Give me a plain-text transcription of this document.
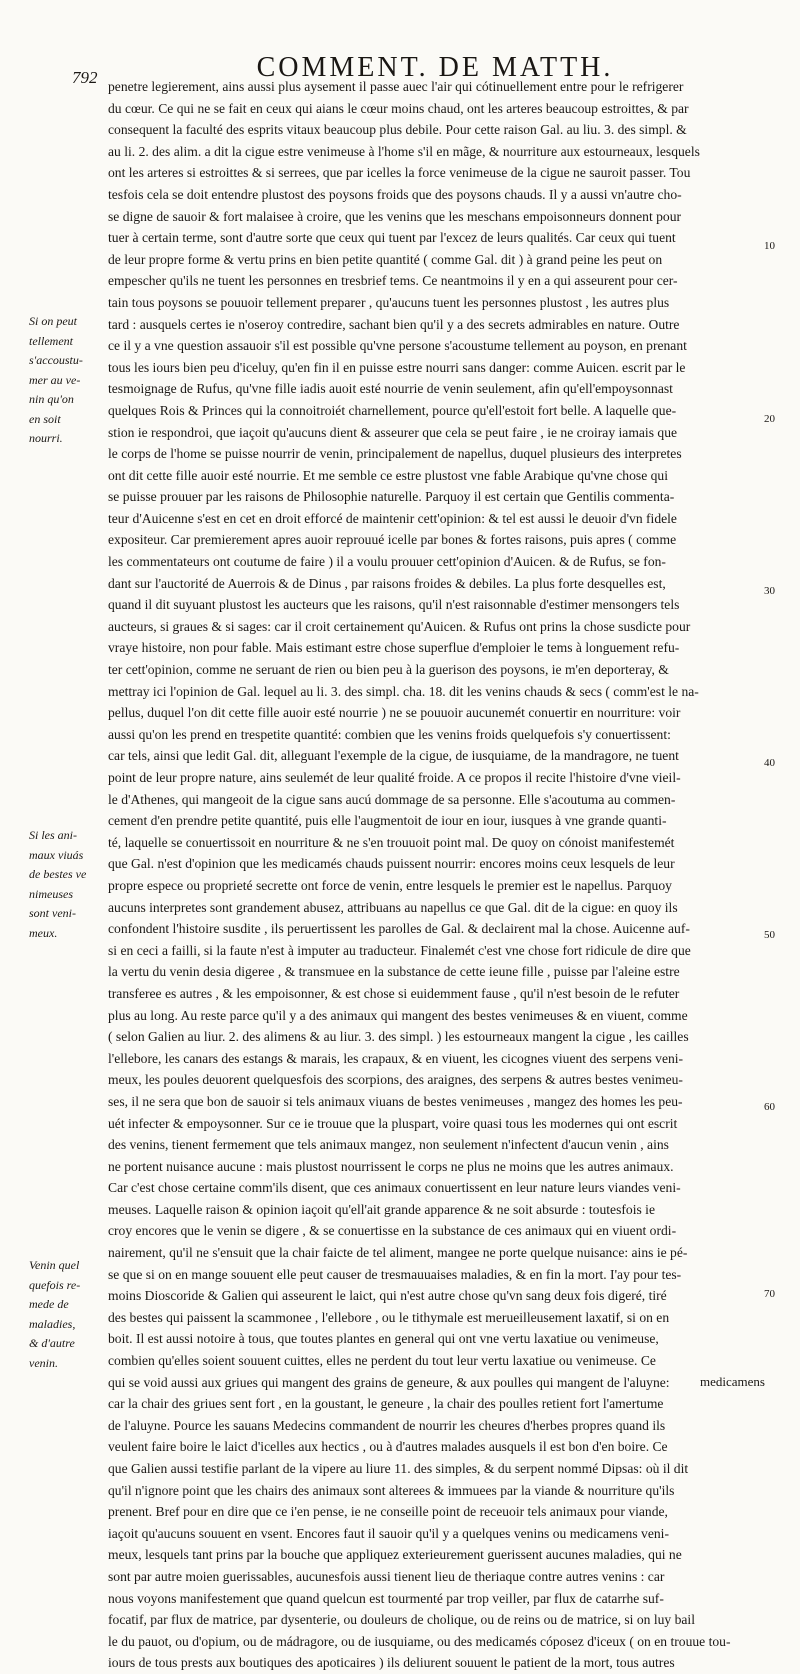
792	COMMENT. DE MATTH.
penetre legierement, ains aussi plus aysement il passe auec l'air qui cótinuellement entre pour le refrigerer
du cœur. Ce qui ne se fait en ceux qui aians le cœur moins chaud, ont les arteres beaucoup estroittes, & par
consequent la faculté des esprits vitaux beaucoup plus debile. Pour cette raison Gal. au liu. 3. des simpl. &
au li. 2. des alim. a dit la cigue estre venimeuse à l'home s'il en mãge, & nourriture aux estourneaux, lesquels
ont les arteres si estroittes & si serrees, que par icelles la force venimeuse de la cigue ne sauroit passer. Tou
tesfois cela se doit entendre plustost des poysons froids que des poysons chauds. Il y a aussi vn'autre cho-
se digne de sauoir & fort malaisee à croire, que les venins que les meschans empoisonneurs donnent pour
tuer à certain terme, sont d'autre sorte que ceux qui tuent par l'excez de leurs qualités. Car ceux qui tuent
de leur propre forme & vertu prins en bien petite quantité ( comme Gal. dit ) à grand peine les peut on
empescher qu'ils ne tuent les personnes en tresbrief tems. Ce neantmoins il y en a qui asseurent pour cer-
tain tous poysons se pouuoir tellement preparer , qu'aucuns tuent les personnes plustost , les autres plus
tard : ausquels certes ie n'oseroy contredire, sachant bien qu'il y a des secrets admirables en nature. Outre
ce il y a vne question assauoir s'il est possible qu'vne persone s'acoustume tellement au poyson, en prenant
tous les iours bien peu d'iceluy, qu'en fin il en puisse estre nourri sans danger: comme Auicen. escrit par le
tesmoignage de Rufus, qu'vne fille iadis auoit esté nourrie de venin seulement, afin qu'ell'empoysonnast
quelques Rois & Princes qui la connoitroiét charnellement, pource qu'ell'estoit fort belle. A laquelle que-
stion ie respondroi, que iaçoit qu'aucuns dient & asseurer que cela se peut faire , ie ne croiray iamais que
le corps de l'home se puisse nourrir de venin, principalement de napellus, duquel plusieurs des interpretes
ont dit cette fille auoir esté nourrie. Et me semble ce estre plustost vne fable Arabique qu'vne chose qui
se puisse prouuer par les raisons de Philosophie naturelle. Parquoy il est certain que Gentilis commenta-
teur d'Auicenne s'est en cet en droit efforcé de maintenir cett'opinion: & tel est aussi le deuoir d'vn fidele
expositeur. Car premierement apres auoir reprouué icelle par bones & fortes raisons, puis apres ( comme
les commentateurs ont coutume de faire ) il a voulu prouuer cett'opinion d'Auicen. & de Rufus, se fon-
dant sur l'auctorité de Auerrois & de Dinus , par raisons froides & debiles. La plus forte desquelles est,
quand il dit suyuant plustost les aucteurs que les raisons, qu'il n'est raisonnable d'estimer mensongers tels
aucteurs, si graues & si sages: car il croit certainement qu'Auicen. & Rufus ont prins la chose susdicte pour
vraye histoire, non pour fable. Mais estimant estre chose superflue d'emploier le tems à longuement refu-
ter cett'opinion, comme ne seruant de rien ou bien peu à la guerison des poysons, ie m'en deporteray, &
mettray ici l'opinion de Gal. lequel au li. 3. des simpl. cha. 18. dit les venins chauds & secs ( comm'est le na-
pellus, duquel l'on dit cette fille auoir esté nourrie ) ne se pouuoir aucunemét conuertir en nourriture: voir
aussi qu'on les prend en trespetite quantité: combien que les venins froids quelquefois s'y conuertissent:
car tels, ainsi que ledit Gal. dit, alleguant l'exemple de la cigue, de iusquiame, de la mandragore, ne tuent
point de leur propre nature, ains seulemét de leur qualité froide. A ce propos il recite l'histoire d'vne vieil-
le d'Athenes, qui mangeoit de la cigue sans aucú dommage de sa personne. Elle s'acoutuma au commen-
cement d'en prendre petite quantité, puis elle l'augmentoit de iour en iour, iusques à vne grande quanti-
té, laquelle se conuertissoit en nourriture & ne s'en trouuoit point mal. De quoy on cónoist manifestemét
que Gal. n'est d'opinion que les medicamés chauds puissent nourrir: encores moins ceux lesquels de leur
propre espece ou proprieté secrette ont force de venin, entre lesquels le premier est le napellus. Parquoy
aucuns interpretes sont grandement abusez, attribuans au napellus ce que Gal. dit de la cigue: en quoy ils
confondent l'histoire susdite , ils peruertissent les parolles de Gal. & declairent mal la chose. Auicenne auf-
si en ceci a failli, si la faute n'est à imputer au traducteur. Finalemét c'est vne chose fort ridicule de dire que
la vertu du venin desia digeree , & transmuee en la substance de cette ieune fille , puisse par l'aleine estre
transferee es autres , & les empoisonner, & est chose si euidemment fause , qu'il n'est besoin de le refuter
plus au long. Au reste parce qu'il y a des animaux qui mangent des bestes venimeuses & en viuent, comme
( selon Galien au liur. 2. des alimens & au liur. 3. des simpl. ) les estourneaux mangent la cigue , les cailles
l'ellebore, les canars des estangs & marais, les crapaux, & en viuent, les cicognes viuent des serpens veni-
meux, les poules deuorent quelquesfois des scorpions, des araignes, des serpens & autres bestes venimeu-
ses, il ne sera que bon de sauoir si tels animaux viuans de bestes venimeuses , mangez des homes les peu-
uét infecter & empoysonner. Sur ce ie trouue que la pluspart, voire quasi tous les modernes qui ont escrit
des venins, tienent fermement que tels animaux mangez, non seulement n'infectent d'aucun venin , ains
ne portent nuisance aucune : mais plustost nourrissent le corps ne plus ne moins que les autres animaux.
Car c'est chose certaine comm'ils disent, que ces animaux conuertissent en leur nature leurs viandes veni-
meuses. Laquelle raison & opinion iaçoit qu'ell'ait grande apparence & ne soit absurde : toutesfois ie
croy encores que le venin se digere , & se conuertisse en la substance de ces animaux qui en viuent ordi-
nairement, qu'il ne s'ensuit que la chair faicte de tel aliment, mangee ne porte quelque nuisance: ains ie pé-
se que si on en mange souuent elle peut causer de tresmauuaises maladies, & en fin la mort. I'ay pour tes-
moins Dioscoride & Galien qui asseurent le laict, qui n'est autre chose qu'vn sang deux fois digeré, tiré
des bestes qui paissent la scammonee , l'ellebore , ou le tithymale est merueilleusement laxatif, si on en
boit. Il est aussi notoire à tous, que toutes plantes en general qui ont vne vertu laxatiue ou venimeuse,
combien qu'elles soient souuent cuittes, elles ne perdent du tout leur vertu laxatiue ou venimeuse. Ce
qui se void aussi aux griues qui mangent des grains de geneure, & aux poulles qui mangent de l'aluyne:
car la chair des griues sent fort , en la goustant, le geneure , la chair des poulles retient fort l'amertume
de l'aluyne. Pource les sauans Medecins commandent de nourrir les cheures d'herbes propres quand ils
veulent faire boire le laict d'icelles aux hectics , ou à d'autres malades ausquels il est bon d'en boire. Ce
que Galien aussi testifie parlant de la vipere au liure 11. des simples, & du serpent nommé Dipsas: où il dit
qu'il n'ignore point que les chairs des animaux sont alterees & immuees par la viande & nourriture qu'ils
prenent. Bref pour en dire que ce i'en pense, ie ne conseille point de receuoir tels animaux pour viande,
iaçoit qu'aucuns souuent en vsent. Encores faut il sauoir qu'il y a quelques venins ou medicamens veni-
meux, lesquels tant prins par la bouche que appliquez exterieurement guerissent aucunes maladies, qui ne
sont par autre moien guerissables, aucunesfois aussi tienent lieu de theriaque contre autres venins : car
nous voyons manifestement que quand quelcun est tourmenté par trop veiller, par flux de catarrhe suf-
focatif, par flux de matrice, par dysenterie, ou douleurs de cholique, ou de reins ou de matrice, si on luy bail
le du pauot, ou d'opium, ou de mádragore, ou de iusquiame, ou des medicamés cóposez d'iceux ( on en trouue tou-
iours de tous prests aux boutiques des apoticaires ) ils deliurent souuent le patient de la mort, tous autres
Si on peut
tellement
s'accoustu-
mer au ve-
nin qu'on
en soit
nourri.
Si les ani-
maux viuás
de bestes ve
nimeuses
sont veni-
meux.
Venin quel
quefois re-
mede de
maladies,
& d'autre
venin.
10
20
30
40
50
60
70
medicamens
